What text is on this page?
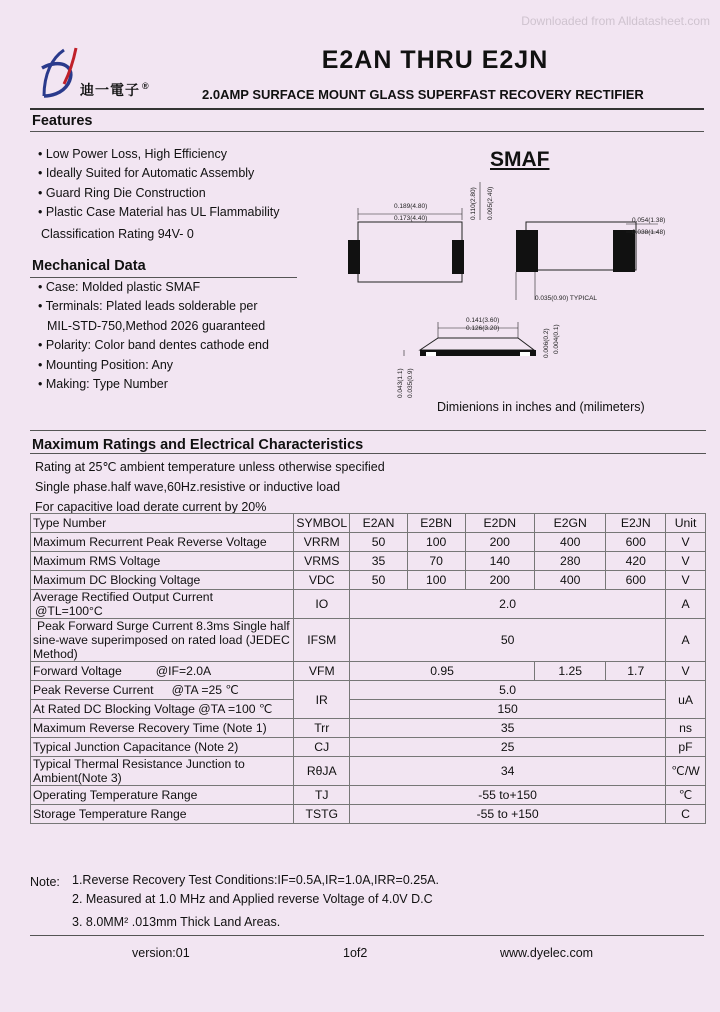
Downloaded from Alldatasheet.com
迪一電子 ®
E2AN THRU E2JN
2.0AMP SURFACE MOUNT GLASS SUPERFAST RECOVERY RECTIFIER
Features
• Low Power Loss, High Efficiency
• Ideally Suited for Automatic Assembly
• Guard Ring Die Construction
• Plastic Case Material has UL Flammability
Classification Rating 94V- 0
Mechanical Data
• Case: Molded plastic SMAF
• Terminals: Plated leads solderable per
MIL-STD-750,Method 2026 guaranteed
• Polarity: Color band dentes cathode end
• Mounting Position: Any
• Making: Type Number
SMAF
0.189(4.80)
0.173(4.40)	0.110(2.80) 0.095(2.40)
0.054(1.38)
0.038(1.48)
0.035(0.90) TYPICAL
0.141(3.60)
0.126(3.20)	0.006(0.2) 0.004(0.1)
0.043(1.1) 0.035(0.9)
Dimienions in inches and (milimeters)
Maximum Ratings and Electrical Characteristics
Rating at 25℃ ambient temperature unless otherwise specified
Single phase.half wave,60Hz.resistive or inductive load
For capacitive load derate current by 20%
Type Number	SYMBOL	E2AN	E2BN	E2DN	E2GN	E2JN	Unit
Maximum Recurrent Peak Reverse Voltage	VRRM	50	100	200	400	600	V
Maximum RMS Voltage	VRMS	35	70	140	280	420	V
Maximum DC Blocking Voltage	VDC	50	100	200	400	600	V

Average Rectified Output Current
@TL=100°C	IO	2.0					A

Peak Forward Surge Current 8.3ms Single half
sine-wave superimposed on rated load (JEDEC
Method)	IFSM	50					A
Forward Voltage @IF=2.0A	VFM	0.95			1.25	1.7	V
Peak Reverse Current @TA =25 ℃	IR	5.0					uA
At Rated DC Blocking Voltage @TA =100 ℃		150					
Maximum Reverse Recovery Time (Note 1)	Trr	35					ns
Typical Junction Capacitance (Note 2)	CJ	25					pF

Typical Thermal Resistance Junction to
Ambient(Note 3)	RθJA	34					℃/W
Operating Temperature Range	TJ	-55 to+150					℃
Storage Temperature Range	TSTG	-55 to +150					C
Note: 1.Reverse Recovery Test Conditions:IF=0.5A,IR=1.0A,IRR=0.25A.
2. Measured at 1.0 MHz and Applied reverse Voltage of 4.0V D.C
3. 8.0MM² .013mm Thick Land Areas.
version:01	1of2	www.dyelec.com
